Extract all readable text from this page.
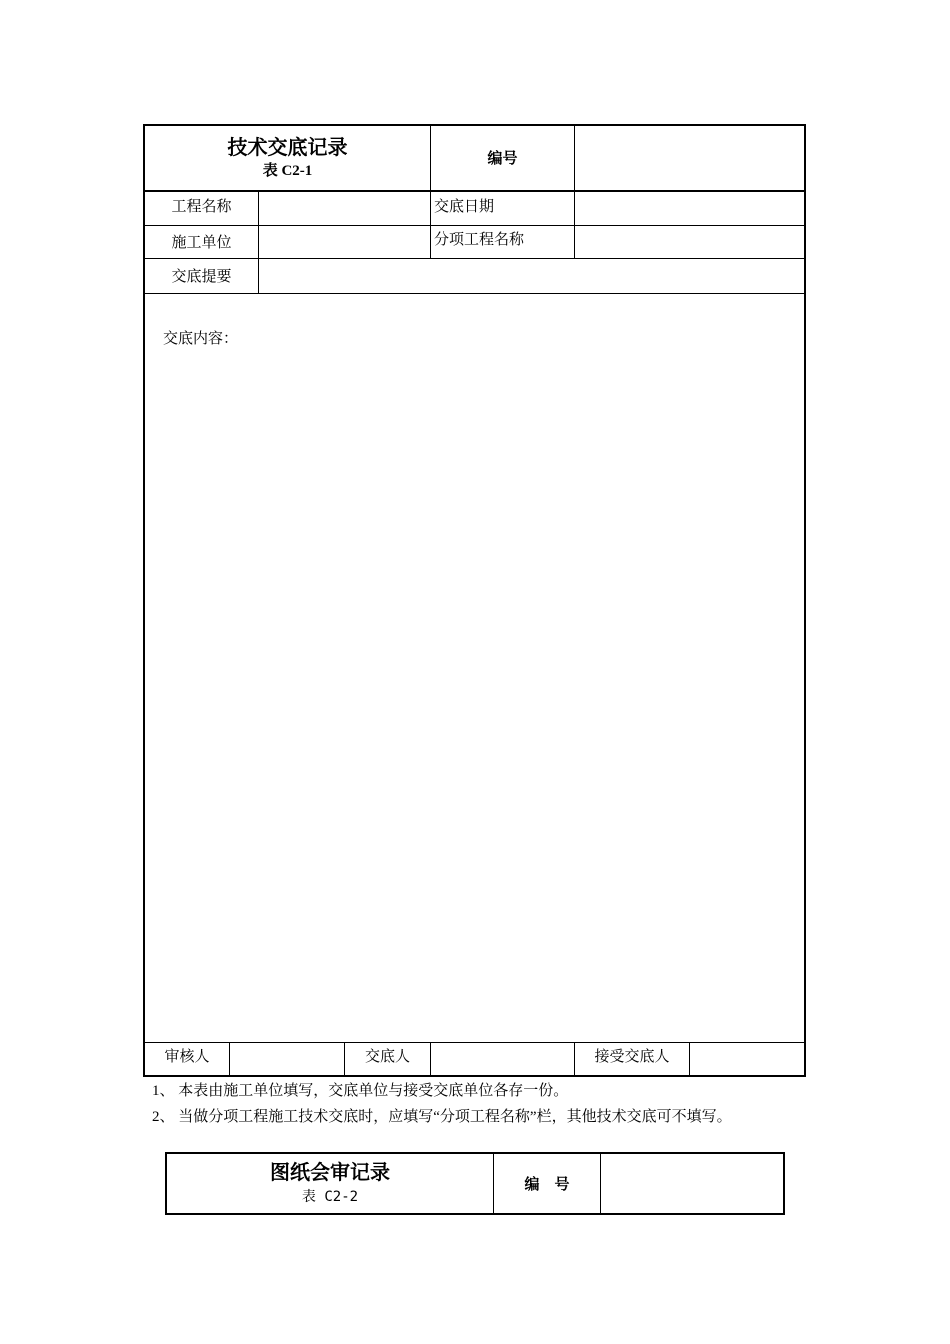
技术交底记录
表 C2-1
编号
工程名称	交底日期
施工单位	分项工程名称
交底提要
交底内容：
审核人	交底人	接受交底人
1、 本表由施工单位填写，交底单位与接受交底单位各存一份。
2、 当做分项工程施工技术交底时，应填写“分项工程名称”栏，其他技术交底可不填写。
图纸会审记录
表 C2-2
编　号
